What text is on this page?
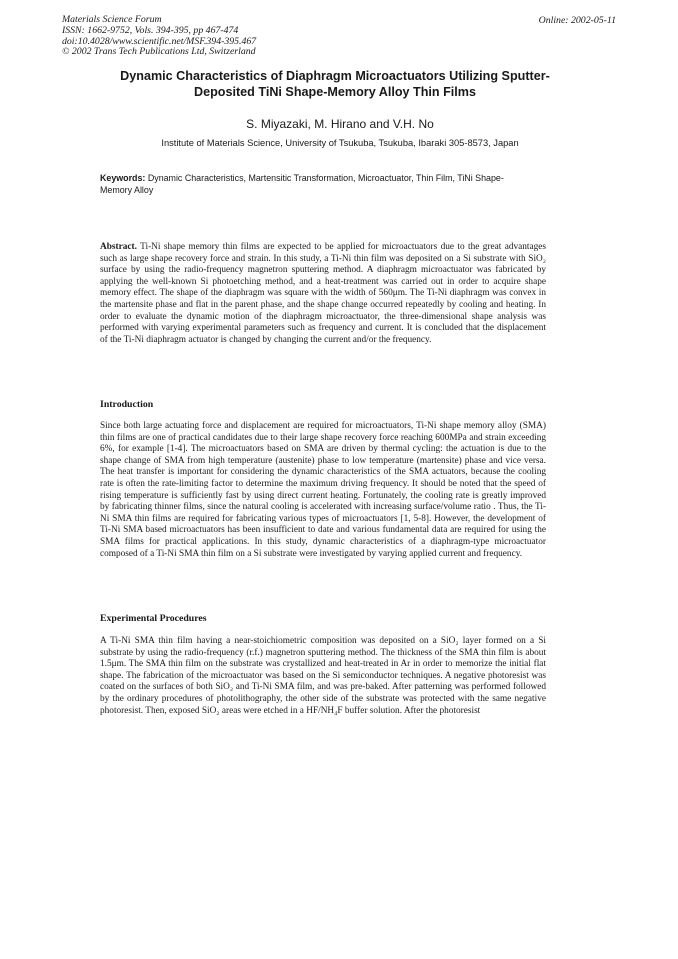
Materials Science Forum
ISSN: 1662-9752, Vols. 394-395, pp 467-474
doi:10.4028/www.scientific.net/MSF.394-395.467
© 2002 Trans Tech Publications Ltd, Switzerland
Online: 2002-05-11
Dynamic Characteristics of Diaphragm Microactuators Utilizing Sputter-Deposited TiNi Shape-Memory Alloy Thin Films
S. Miyazaki, M. Hirano and V.H. No
Institute of Materials Science, University of Tsukuba, Tsukuba, Ibaraki 305-8573, Japan
Keywords: Dynamic Characteristics, Martensitic Transformation, Microactuator, Thin Film, TiNi Shape-Memory Alloy

Abstract. Ti-Ni shape memory thin films are expected to be applied for microactuators due to the great advantages such as large shape recovery force and strain. In this study, a Ti-Ni thin film was deposited on a Si substrate with SiO₂ surface by using the radio-frequency magnetron sputtering method. A diaphragm microactuator was fabricated by applying the well-known Si photoetching method, and a heat-treatment was carried out in order to acquire shape memory effect. The shape of the diaphragm was square with the width of 560μm. The Ti-Ni diaphragm was convex in the martensite phase and flat in the parent phase, and the shape change occurred repeatedly by cooling and heating. In order to evaluate the dynamic motion of the diaphragm microactuator, the three-dimensional shape analysis was performed with varying experimental parameters such as frequency and current. It is concluded that the displacement of the Ti-Ni diaphragm actuator is changed by changing the current and/or the frequency.

Introduction

Since both large actuating force and displacement are required for microactuators, Ti-Ni shape memory alloy (SMA) thin films are one of practical candidates due to their large shape recovery force reaching 600MPa and strain exceeding 6%, for example [1-4]. The microactuators based on SMA are driven by thermal cycling: the actuation is due to the shape change of SMA from high temperature (austenite) phase to low temperature (martensite) phase and vice versa. The heat transfer is important for considering the dynamic characteristics of the SMA actuators, because the cooling rate is often the rate-limiting factor to determine the maximum driving frequency. It should be noted that the speed of rising temperature is sufficiently fast by using direct current heating. Fortunately, the cooling rate is greatly improved by fabricating thinner films, since the natural cooling is accelerated with increasing surface/volume ratio . Thus, the Ti-Ni SMA thin films are required for fabricating various types of microactuators [1, 5-8]. However, the development of Ti-Ni SMA based microactuators has been insufficient to date and various fundamental data are required for using the SMA films for practical applications. In this study, dynamic characteristics of a diaphragm-type microactuator composed of a Ti-Ni SMA thin film on a Si substrate were investigated by varying applied current and frequency.

Experimental Procedures

A Ti-Ni SMA thin film having a near-stoichiometric composition was deposited on a SiO₂ layer formed on a Si substrate by using the radio-frequency (r.f.) magnetron sputtering method. The thickness of the SMA thin film is about 1.5μm. The SMA thin film on the substrate was crystallized and heat-treated in Ar in order to memorize the initial flat shape. The fabrication of the microactuator was based on the Si semiconductor techniques. A negative photoresist was coated on the surfaces of both SiO₂ and Ti-Ni SMA film, and was pre-baked. After patterning was performed followed by the ordinary procedures of photolithography, the other side of the substrate was protected with the same negative photoresist. Then, exposed SiO₂ areas were etched in a HF/NH₄F buffer solution. After the photoresist
